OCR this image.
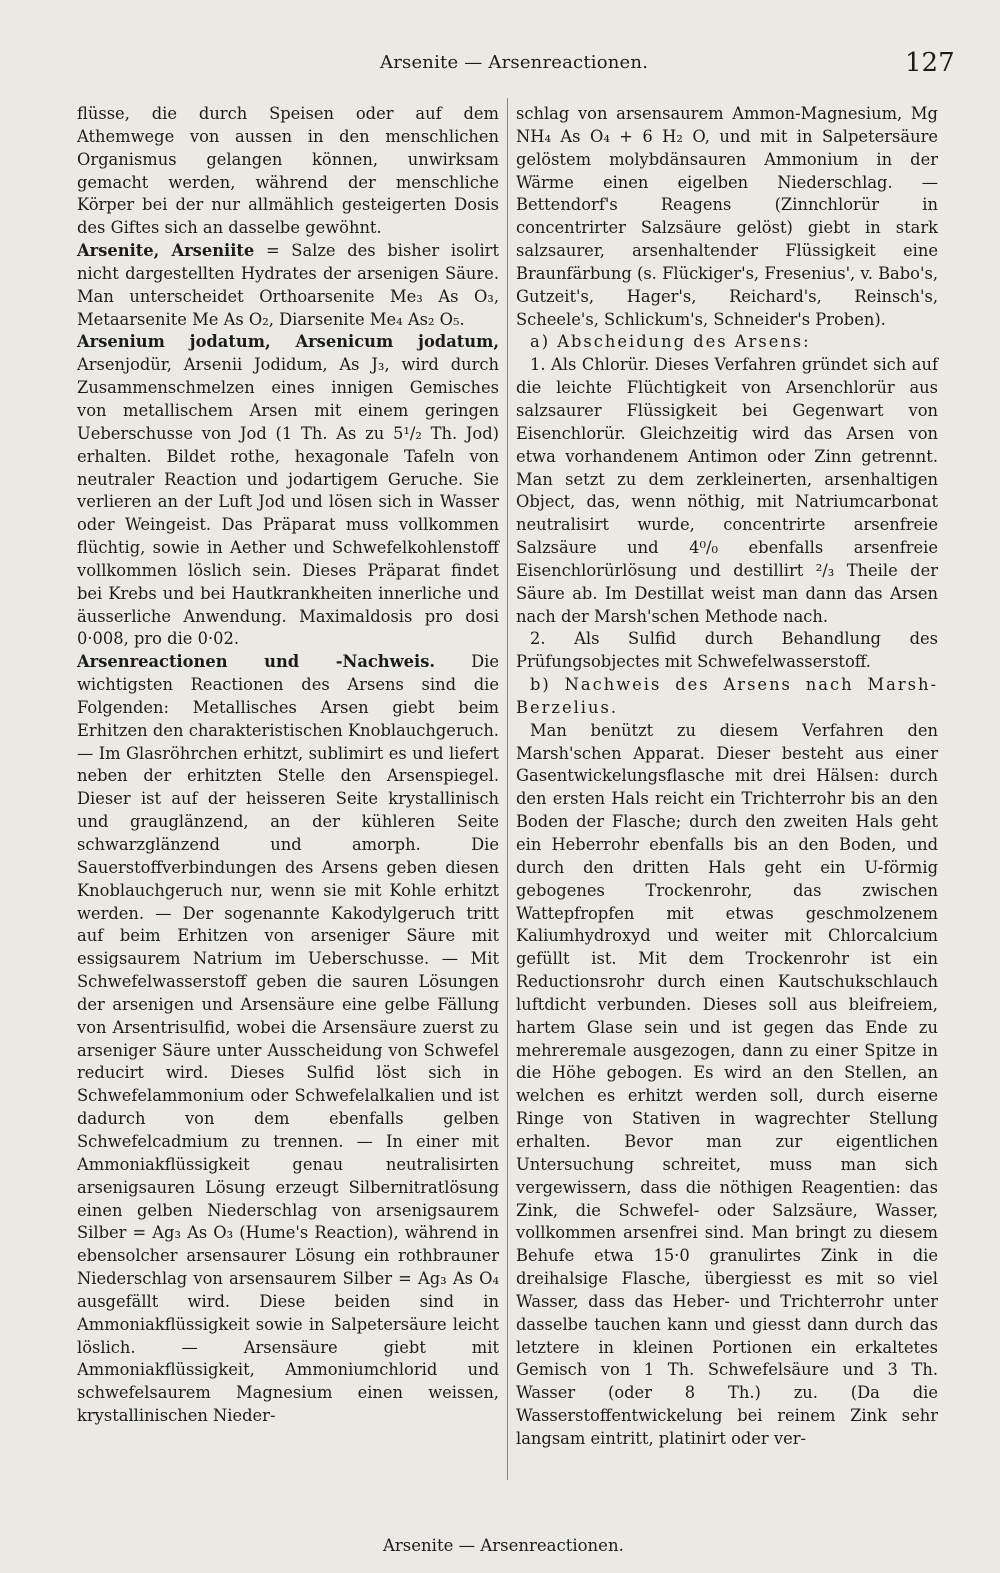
Arsenite — Arsenreactionen.	127

flüsse, die durch Speisen oder auf dem Athemwege von aussen in den menschlichen Organismus gelangen können, unwirksam gemacht werden, während der menschliche Körper bei der nur allmählich gesteigerten Dosis des Giftes sich an dasselbe gewöhnt.

Arsenite, Arseniite = Salze des bisher isolirt nicht dargestellten Hydrates der arsenigen Säure. Man unterscheidet Orthoarsenite Me₃ As O₃, Metaarsenite Me As O₂, Diarsenite Me₄ As₂ O₅.

Arsenium jodatum, Arsenicum jodatum, Arsenjodür, Arsenii Jodidum, As J₃, wird durch Zusammenschmelzen eines innigen Gemisches von metallischem Arsen mit einem geringen Ueberschusse von Jod (1 Th. As zu 5¹/₂ Th. Jod) erhalten. Bildet rothe, hexagonale Tafeln von neutraler Reaction und jodartigem Geruche. Sie verlieren an der Luft Jod und lösen sich in Wasser oder Weingeist. Das Präparat muss vollkommen flüchtig, sowie in Aether und Schwefelkohlenstoff vollkommen löslich sein. Dieses Präparat findet bei Krebs und bei Hautkrankheiten innerliche und äusserliche Anwendung. Maximaldosis pro dosi 0·008, pro die 0·02.

Arsenreactionen und -Nachweis. Die wichtigsten Reactionen des Arsens sind die Folgenden: Metallisches Arsen giebt beim Erhitzen den charakteristischen Knoblauchgeruch. — Im Glasröhrchen erhitzt, sublimirt es und liefert neben der erhitzten Stelle den Arsenspiegel. Dieser ist auf der heisseren Seite krystallinisch und grauglänzend, an der kühleren Seite schwarzglänzend und amorph. Die Sauerstoffverbindungen des Arsens geben diesen Knoblauchgeruch nur, wenn sie mit Kohle erhitzt werden. — Der sogenannte Kakodylgeruch tritt auf beim Erhitzen von arseniger Säure mit essigsaurem Natrium im Ueberschusse. — Mit Schwefelwasserstoff geben die sauren Lösungen der arsenigen und Arsensäure eine gelbe Fällung von Arsentrisulfid, wobei die Arsensäure zuerst zu arseniger Säure unter Ausscheidung von Schwefel reducirt wird. Dieses Sulfid löst sich in Schwefelammonium oder Schwefelalkalien und ist dadurch von dem ebenfalls gelben Schwefelcadmium zu trennen. — In einer mit Ammoniakflüssigkeit genau neutralisirten arsenigsauren Lösung erzeugt Silbernitratlösung einen gelben Niederschlag von arsenigsaurem Silber = Ag₃ As O₃ (Hume's Reaction), während in ebensolcher arsensaurer Lösung ein rothbrauner Niederschlag von arsensaurem Silber = Ag₃ As O₄ ausgefällt wird. Diese beiden sind in Ammoniakflüssigkeit sowie in Salpetersäure leicht löslich. — Arsensäure giebt mit Ammoniakflüssigkeit, Ammoniumchlorid und schwefelsaurem Magnesium einen weissen, krystallinischen Nieder-

schlag von arsensaurem Ammon-Magnesium, Mg NH₄ As O₄ + 6 H₂ O, und mit in Salpetersäure gelöstem molybdänsauren Ammonium in der Wärme einen eigelben Niederschlag. — Bettendorf's Reagens (Zinnchlorür in concentrirter Salzsäure gelöst) giebt in stark salzsaurer, arsenhaltender Flüssigkeit eine Braunfärbung (s. Flückiger's, Fresenius', v. Babo's, Gutzeit's, Hager's, Reichard's, Reinsch's, Scheele's, Schlickum's, Schneider's Proben).

a) Abscheidung des Arsens:

1. Als Chlorür. Dieses Verfahren gründet sich auf die leichte Flüchtigkeit von Arsenchlorür aus salzsaurer Flüssigkeit bei Gegenwart von Eisenchlorür. Gleichzeitig wird das Arsen von etwa vorhandenem Antimon oder Zinn getrennt. Man setzt zu dem zerkleinerten, arsenhaltigen Object, das, wenn nöthig, mit Natriumcarbonat neutralisirt wurde, concentrirte arsenfreie Salzsäure und 4⁰/₀ ebenfalls arsenfreie Eisenchlorürlösung und destillirt ²/₃ Theile der Säure ab. Im Destillat weist man dann das Arsen nach der Marsh'schen Methode nach.

2. Als Sulfid durch Behandlung des Prüfungsobjectes mit Schwefelwasserstoff.

b) Nachweis des Arsens nach Marsh-Berzelius.

Man benützt zu diesem Verfahren den Marsh'schen Apparat. Dieser besteht aus einer Gasentwickelungsflasche mit drei Hälsen: durch den ersten Hals reicht ein Trichterrohr bis an den Boden der Flasche; durch den zweiten Hals geht ein Heberrohr ebenfalls bis an den Boden, und durch den dritten Hals geht ein U-förmig gebogenes Trockenrohr, das zwischen Wattepfropfen mit etwas geschmolzenem Kaliumhydroxyd und weiter mit Chlorcalcium gefüllt ist. Mit dem Trockenrohr ist ein Reductionsrohr durch einen Kautschukschlauch luftdicht verbunden. Dieses soll aus bleifreiem, hartem Glase sein und ist gegen das Ende zu mehreremale ausgezogen, dann zu einer Spitze in die Höhe gebogen. Es wird an den Stellen, an welchen es erhitzt werden soll, durch eiserne Ringe von Stativen in wagrechter Stellung erhalten. Bevor man zur eigentlichen Untersuchung schreitet, muss man sich vergewissern, dass die nöthigen Reagentien: das Zink, die Schwefel- oder Salzsäure, Wasser, vollkommen arsenfrei sind. Man bringt zu diesem Behufe etwa 15·0 granulirtes Zink in die dreihalsige Flasche, übergiesst es mit so viel Wasser, dass das Heber- und Trichterrohr unter dasselbe tauchen kann und giesst dann durch das letztere in kleinen Portionen ein erkaltetes Gemisch von 1 Th. Schwefelsäure und 3 Th. Wasser (oder 8 Th.) zu. (Da die Wasserstoffentwickelung bei reinem Zink sehr langsam eintritt, platinirt oder ver-

Arsenite — Arsenreactionen.
